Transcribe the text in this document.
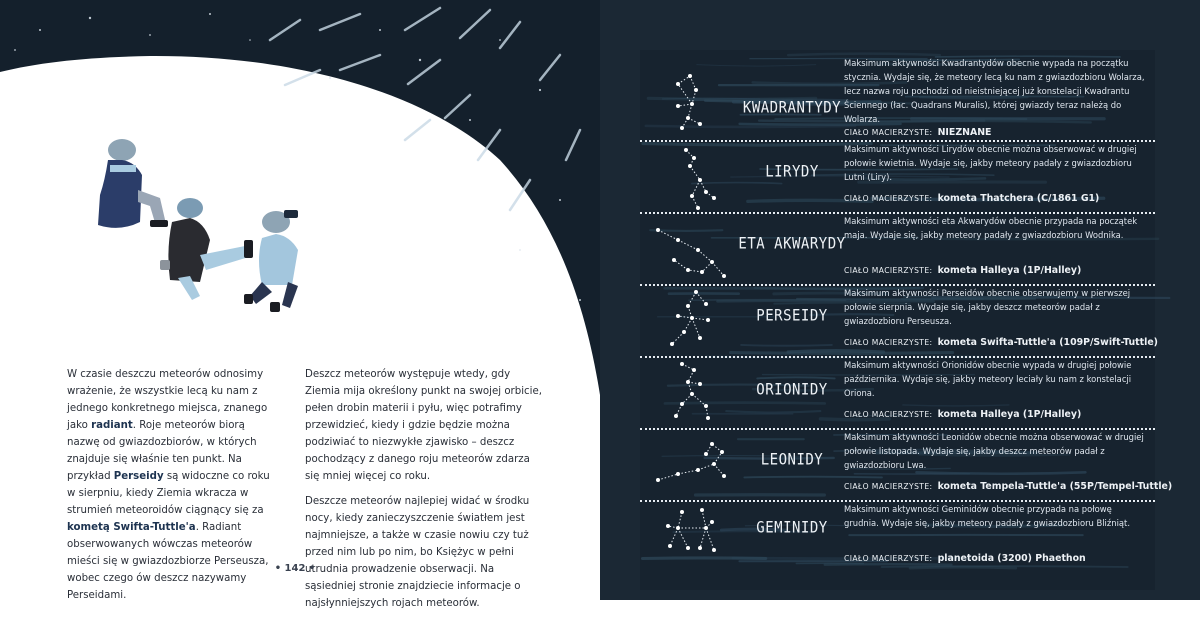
W czasie deszczu meteorów odnosimy wrażenie, że wszystkie lecą ku nam z jednego konkretnego miejsca, znanego jako radiant. Roje meteorów biorą nazwę od gwiazdozbiorów, w których znajduje się właśnie ten punkt. Na przykład Perseidy są widoczne co roku w sierpniu, kiedy Ziemia wkracza w strumień meteoroidów ciągnący się za kometą Swifta-Tuttle'a. Radiant obserwowanych wówczas meteorów mieści się w gwiazdozbiorze Perseusza, wobec czego ów deszcz nazywamy Perseidami.

Deszcz meteorów występuje wtedy, gdy Ziemia mija określony punkt na swojej orbicie, pełen drobin materii i pyłu, więc potrafimy przewidzieć, kiedy i gdzie będzie można podziwiać to niezwykłe zjawisko – deszcz pochodzący z danego roju meteorów zdarza się mniej więcej co roku.

Deszcze meteorów najlepiej widać w środku nocy, kiedy zanieczyszczenie światłem jest najmniejsze, a także w czasie nowiu czy tuż przed nim lub po nim, bo Księżyc w pełni utrudnia prowadzenie obserwacji. Na sąsiedniej stronie znajdziecie informacje o najsłynniejszych rojach meteorów.

• 142 •
KWADRANTYDY
Maksimum aktywności Kwadrantydów obecnie wypada na początku stycznia. Wydaje się, że meteory lecą ku nam z gwiazdozbioru Wolarza, lecz nazwa roju pochodzi od nieistniejącej już konstelacji Kwadrantu Ściennego (łac. Quadrans Muralis), której gwiazdy teraz należą do Wolarza.
CIAŁO MACIERZYSTE: NIEZNANE
LIRYDY
Maksimum aktywności Lirydów obecnie można obserwować w drugiej połowie kwietnia. Wydaje się, jakby meteory padały z gwiazdozbioru Lutni (Liry).
CIAŁO MACIERZYSTE: kometa Thatchera (C/1861 G1)
ETA AKWARYDY
Maksimum aktywności eta Akwarydów obecnie przypada na początek maja. Wydaje się, jakby meteory padały z gwiazdozbioru Wodnika.
CIAŁO MACIERZYSTE: kometa Halleya (1P/Halley)
PERSEIDY
Maksimum aktywności Perseidów obecnie obserwujemy w pierwszej połowie sierpnia. Wydaje się, jakby deszcz meteorów padał z gwiazdozbioru Perseusza.
CIAŁO MACIERZYSTE: kometa Swifta-Tuttle'a (109P/Swift-Tuttle)
ORIONIDY
Maksimum aktywności Orionidów obecnie wypada w drugiej połowie października. Wydaje się, jakby meteory leciały ku nam z konstelacji Oriona.
CIAŁO MACIERZYSTE: kometa Halleya (1P/Halley)
LEONIDY
Maksimum aktywności Leonidów obecnie można obserwować w drugiej połowie listopada. Wydaje się, jakby deszcz meteorów padał z gwiazdozbioru Lwa.
CIAŁO MACIERZYSTE: kometa Tempela-Tuttle'a (55P/Tempel-Tuttle)
GEMINIDY
Maksimum aktywności Geminidów obecnie przypada na połowę grudnia. Wydaje się, jakby meteory padały z gwiazdozbioru Bliźniąt.
CIAŁO MACIERZYSTE: planetoida (3200) Phaethon
